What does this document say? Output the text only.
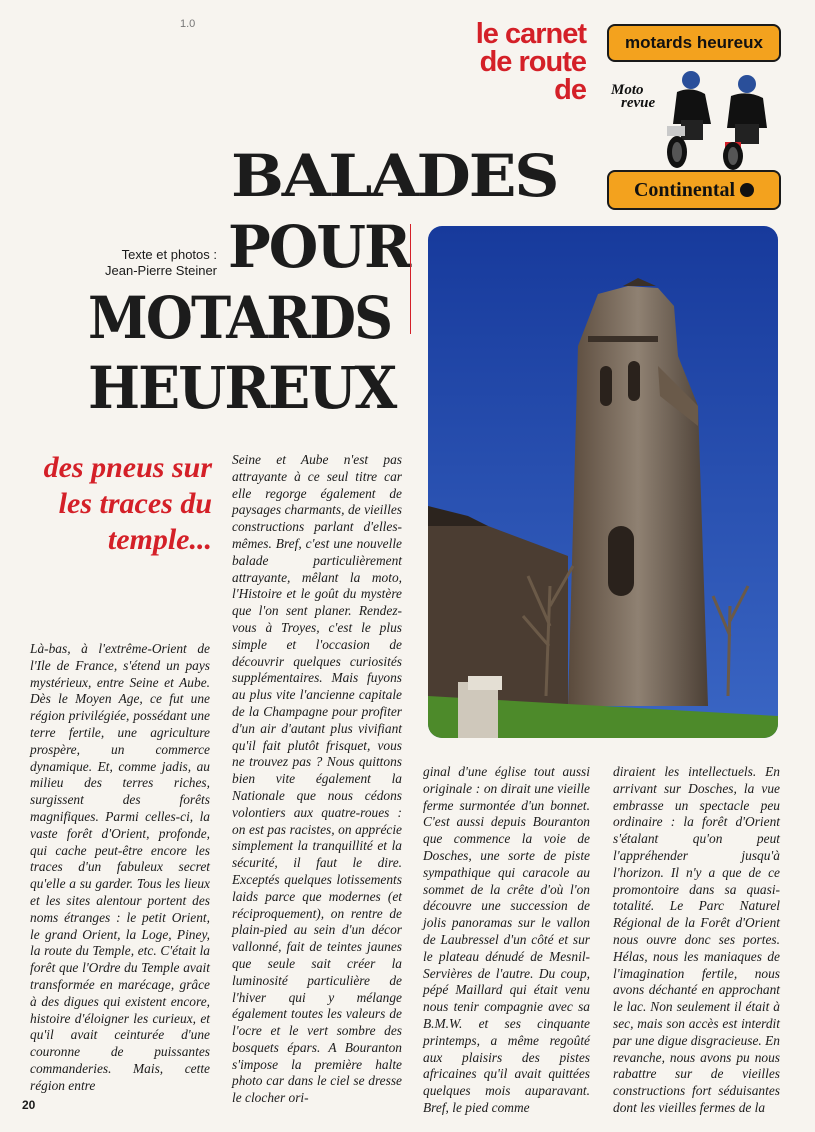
1.0	le carnet
de route
de
motards heureux
Moto
revue
Continental
BALADES
POUR
MOTARDS
HEUREUX
Texte et photos :
Jean-Pierre Steiner
des pneus sur les traces du temple...

Là-bas, à l'extrême-Orient de l'Ile de France, s'étend un pays mystérieux, entre Seine et Aube. Dès le Moyen Age, ce fut une région privilégiée, possédant une terre fertile, une agriculture prospère, un commerce dynamique. Et, comme jadis, au milieu des terres riches, surgissent des forêts magnifiques. Parmi celles-ci, la vaste forêt d'Orient, profonde, qui cache peut-être encore les traces d'un fabuleux secret qu'elle a su garder. Tous les lieux et les sites alentour portent des noms étranges : le petit Orient, le grand Orient, la Loge, Piney, la route du Temple, etc. C'était la forêt que l'Ordre du Temple avait transformée en marécage, grâce à des digues qui existent encore, histoire d'éloigner les curieux, et qu'il avait ceinturée d'une couronne de puissantes commanderies. Mais, cette région entre

Seine et Aube n'est pas attrayante à ce seul titre car elle regorge également de paysages charmants, de vieilles constructions parlant d'elles-mêmes. Bref, c'est une nouvelle balade particulièrement attrayante, mêlant la moto, l'Histoire et le goût du mystère que l'on sent planer. Rendez-vous à Troyes, c'est le plus simple et l'occasion de découvrir quelques curiosités supplémentaires. Mais fuyons au plus vite l'ancienne capitale de la Champagne pour profiter d'un air d'autant plus vivifiant qu'il fait plutôt frisquet, vous ne trouvez pas ? Nous quittons bien vite également la Nationale que nous cédons volontiers aux quatre-roues : on est pas racistes, on apprécie simplement la tranquillité et la sécurité, il faut le dire. Exceptés quelques lotissements laids parce que modernes (et réciproquement), on rentre de plain-pied au sein d'un décor vallonné, fait de teintes jaunes que seule sait créer la luminosité particulière de l'hiver qui y mélange également toutes les valeurs de l'ocre et le vert sombre des bosquets épars. A Bouranton s'impose la première halte photo car dans le ciel se dresse le clocher ori-

ginal d'une église tout aussi originale : on dirait une vieille ferme surmontée d'un bonnet. C'est aussi depuis Bouranton que commence la voie de Dosches, une sorte de piste sympathique qui caracole au sommet de la crête d'où l'on découvre une succession de jolis panoramas sur le vallon de Laubressel d'un côté et sur le plateau dénudé de Mesnil-Servières de l'autre. Du coup, pépé Maillard qui était venu nous tenir compagnie avec sa B.M.W. et ses cinquante printemps, a même regoûté aux plaisirs des pistes africaines qu'il avait quittées quelques mois auparavant. Bref, le pied comme

diraient les intellectuels. En arrivant sur Dosches, la vue embrasse un spectacle peu ordinaire : la forêt d'Orient s'étalant qu'on peut l'appréhender jusqu'à l'horizon. Il n'y a que de ce promontoire dans sa quasi-totalité. Le Parc Naturel Régional de la Forêt d'Orient nous ouvre donc ses portes. Hélas, nous les maniaques de l'imagination fertile, nous avons déchanté en approchant le lac. Non seulement il était à sec, mais son accès est interdit par une digue disgracieuse. En revanche, nous avons pu nous rabattre sur de vieilles constructions fort séduisantes dont les vieilles fermes de la

20
